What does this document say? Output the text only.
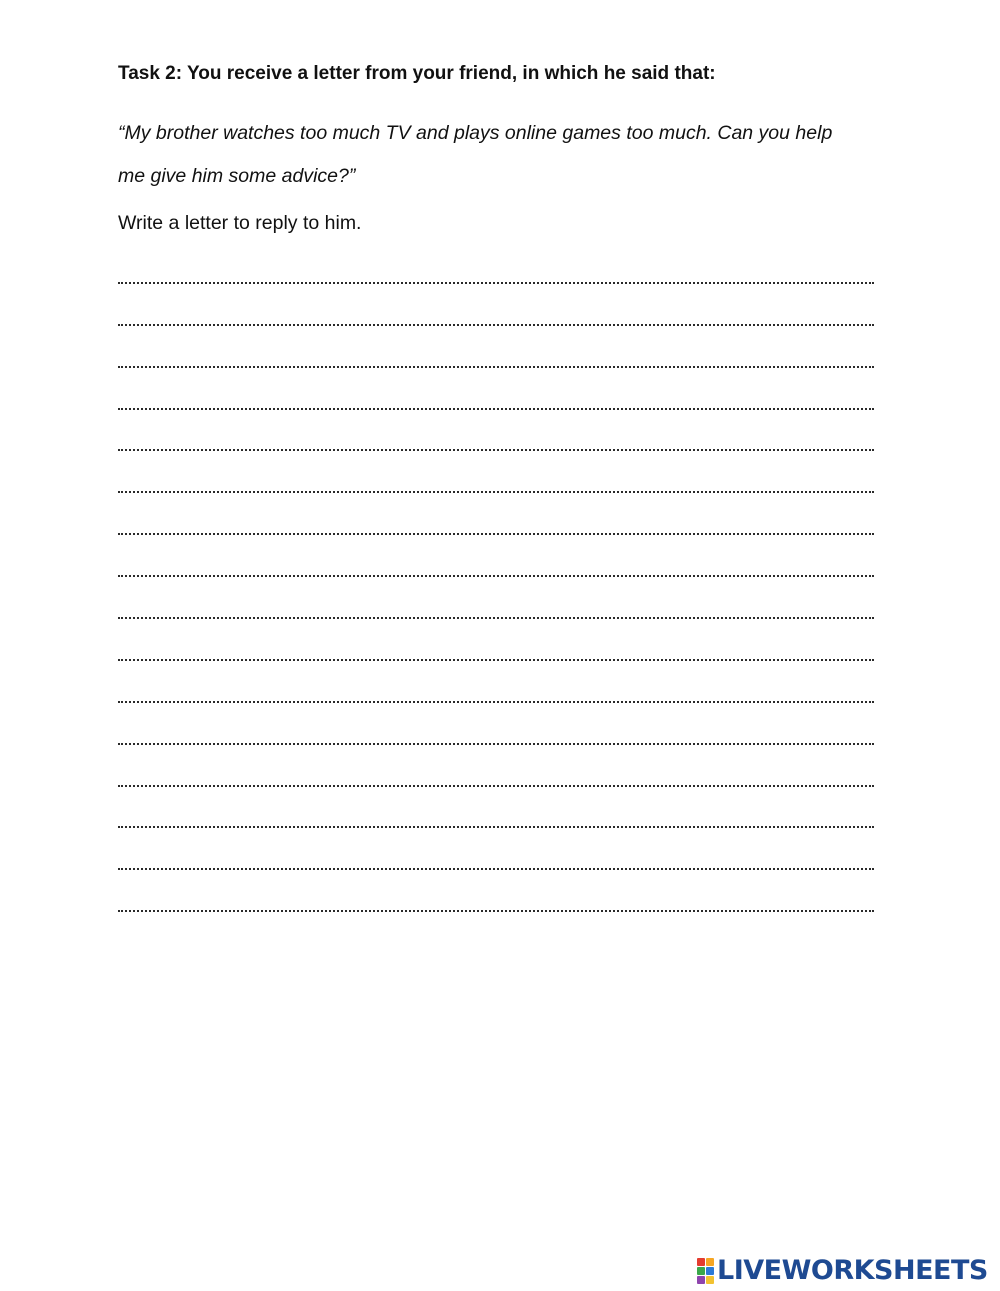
Task 2: You receive a letter from your friend, in which he said that:

“My brother watches too much TV and plays online games too much. Can you help
me give him some advice?”

Write a letter to reply to him.

LIVEWORKSHEETS
